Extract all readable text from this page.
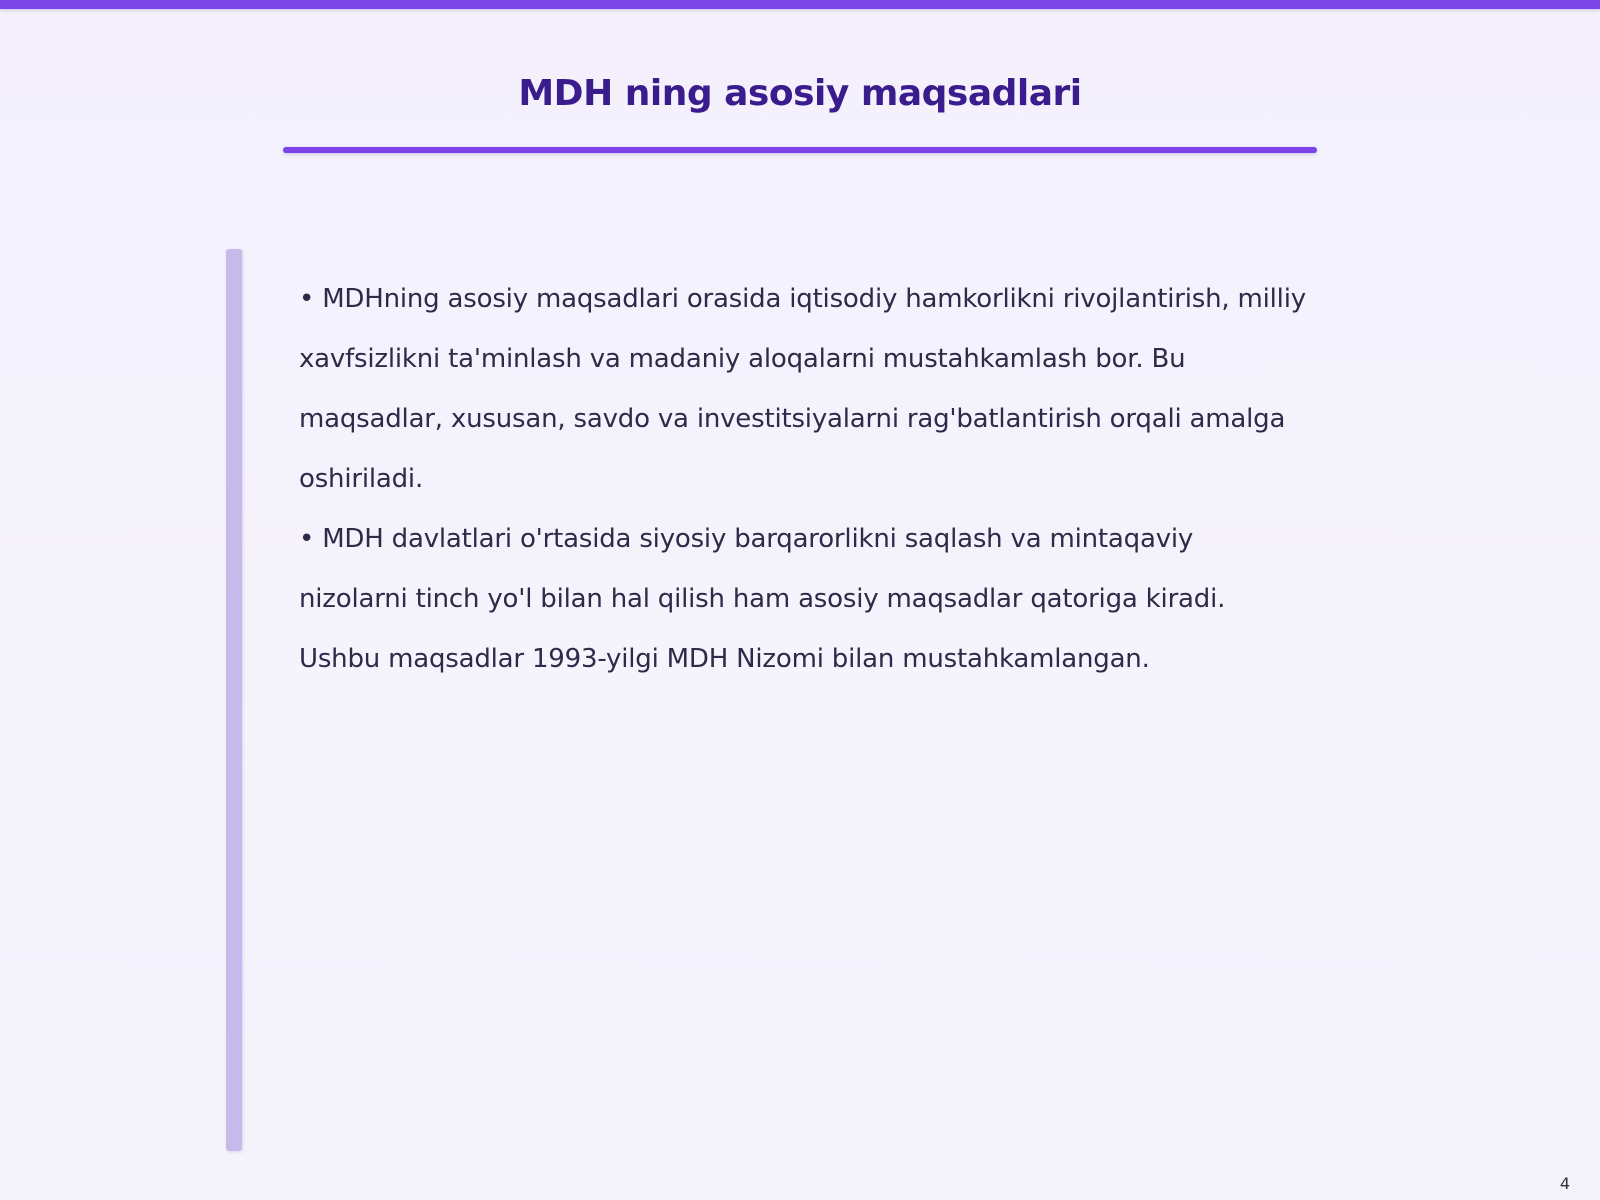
MDH ning asosiy maqsadlari

• MDHning asosiy maqsadlari orasida iqtisodiy hamkorlikni rivojlantirish, milliy xavfsizlikni ta'minlash va madaniy aloqalarni mustahkamlash bor. Bu maqsadlar, xususan, savdo va investitsiyalarni rag'batlantirish orqali amalga oshiriladi.

• MDH davlatlari o'rtasida siyosiy barqarorlikni saqlash va mintaqaviy nizolarni tinch yo'l bilan hal qilish ham asosiy maqsadlar qatoriga kiradi. Ushbu maqsadlar 1993-yilgi MDH Nizomi bilan mustahkamlangan.

4
